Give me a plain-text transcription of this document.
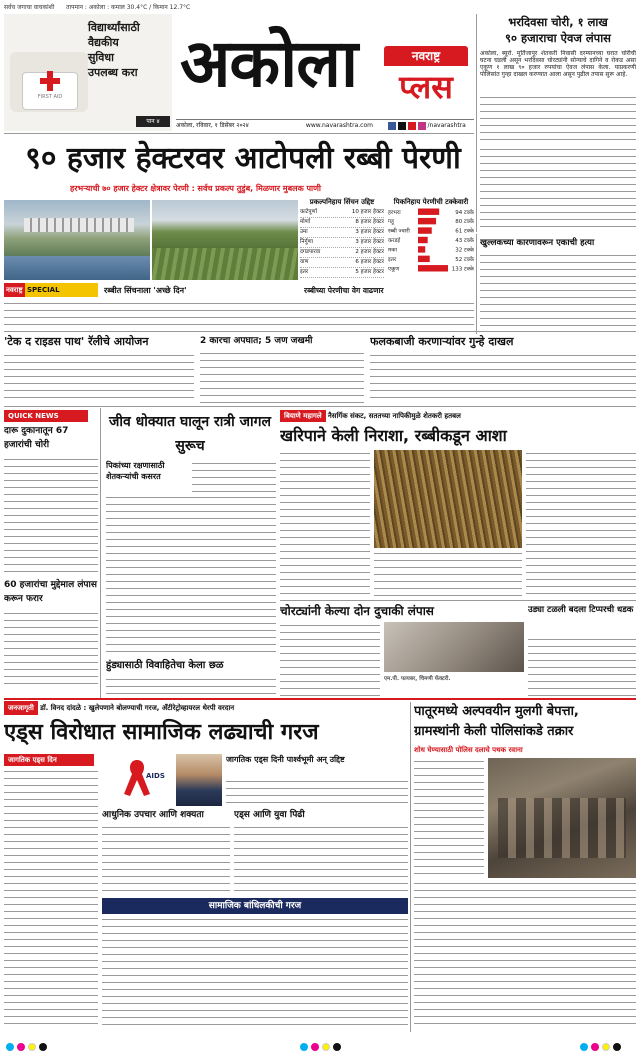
सर्वच जगाचा वाचकांशी तापमान : अकोला : कमाल 30.4°C / किमान 12.7°C
FIRST AID
विद्यार्थ्यांसाठी
वैद्यकीय
सुविधा
उपलब्ध करा अकोला	नवराष्ट्र
प्लस
पान ४
अकोला, रविवार, १ डिसेंबर २०२४	www.navarashtra.com	/navarashtra
भरदिवसा चोरी, १ लाख
९० हजाराचा ऐवज लंपास
अकोला, ब्यूरो. मूर्तिजापूर शेतकरी निवासी दरम्यानच्या घरात चोरीची घटना घडली असून भरदिवसा चोरट्यांनी सोन्याचे दागिने व रोकड असा एकूण १ लाख ९० हजार रुपयांचा ऐवज लंपास केला. याप्रकरणी पोलिसांत गुन्हा दाखल करण्यात आला असून पुढील तपास सुरू आहे.
९० हजार हेक्टरवर आटोपली रब्बी पेरणी
हरभऱ्याची ७० हजार हेक्टर क्षेत्रावर पेरणी : सर्वच प्रकल्प तुडुंब, मिळणार मुबलक पाणी
प्रकल्पनिहाय सिंचन उद्दिष्ट
काटेपूर्णा	10 हजार हेक्टर
मोर्णा	8 हजार हेक्टर
उमा	3 हजार हेक्टर
निर्गुणा	3 हजार हेक्टर
दगडपारवा	2 हजार हेक्टर
वाण	6 हजार हेक्टर
इतर	5 हजार हेक्टर
पिकनिहाय पेरणीची टक्केवारी
हरभरा	94 टक्के
गहू	80 टक्के
रब्बी ज्वारी	61 टक्के
करडई	43 टक्के
मका	32 टक्के
इतर	52 टक्के
एकूण	133 टक्के
नवराष्ट्र SPECIAL	रब्बीत सिंचनाला 'अच्छे दिन'	रब्बीच्या पेरणीचा वेग वाढणार
खुल्लकच्या कारणावरून एकाची हत्या
'टेक द राइडस पाथ' रॅलीचे आयोजन	2 कारचा अपघात; 5 जण जखमी	फलकबाजी करणाऱ्यांवर गुन्हे दाखल
QUICK NEWS
दारू दुकानातून 67 हजारांची चोरी
60 हजारांचा मुद्देमाल लंपास करून फरार
जीव धोक्यात घालून रात्री जागल सुरूच
पिकांच्या रक्षणासाठी शेतकऱ्यांची कसरत
बियाणे महागले नैसर्गिक संकट, सततच्या नापिकीमुळे शेतकरी हतबल
खरिपाने केली निराशा, रब्बीकडून आशा
चोरट्यांनी केल्या दोन दुचाकी लंपास
एम.पी. फायबर, चिमणी फॅक्टरी.
उड्या टळली बदला टिप्परची धडक
हुंड्यासाठी विवाहितेचा केला छळ
जनजागृती डॉ. विनद दांदळे : खुलेपणाने बोलण्याची गरज, ॲंटीरेट्रोव्हायरल थेरपी वरदान
एड्स विरोधात सामाजिक लढ्याची गरज
जागतिक एड्स दिन
AIDS
जागतिक एड्स दिनी पार्श्वभूमी अन् उद्दिष्ट
आधुनिक उपचार आणि शक्यता	एड्स आणि युवा पिढी
सामाजिक बांधिलकीची गरज
पातूरमध्ये अल्पवयीन मुलगी बेपत्ता,
ग्रामस्थांनी केली पोलिसांकडे तक्रार
शोध घेण्यासाठी पोलिस दलाचे पथक रवाना
